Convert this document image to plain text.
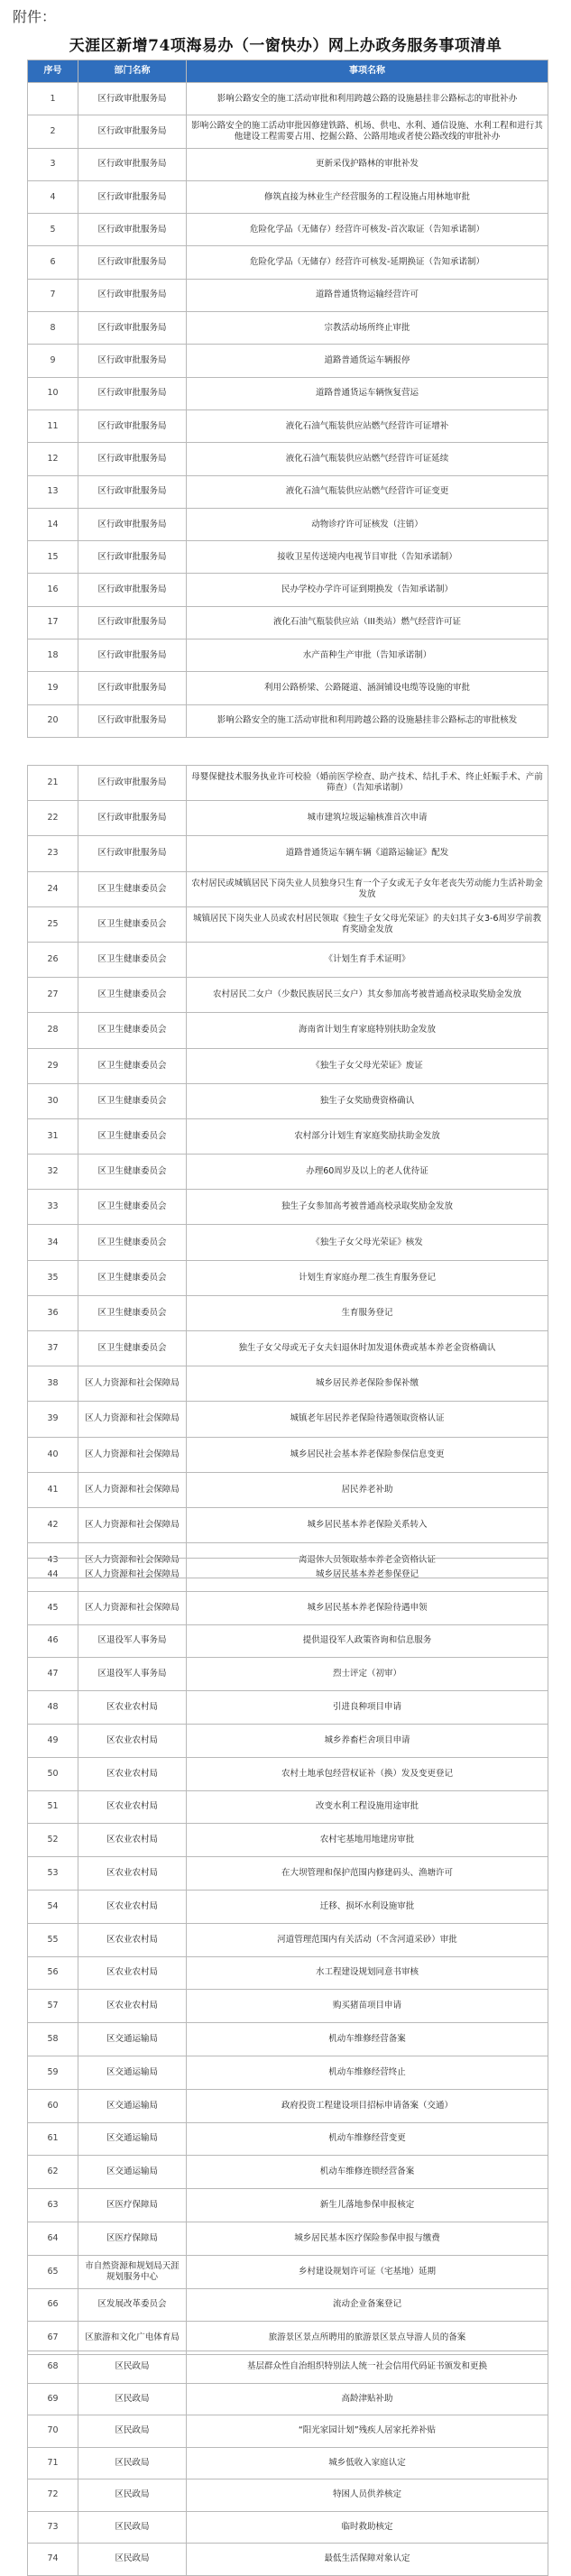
附件：
天涯区新增74项海易办（一窗快办）网上办政务服务事项清单
序号	部门名称	事项名称
1	区行政审批服务局	影响公路安全的施工活动审批和利用跨越公路的设施悬挂非公路标志的审批补办
2	区行政审批服务局	影响公路安全的施工活动审批因修建铁路、机场、供电、水利、通信设施、水利工程和进行其他建设工程需要占用、挖掘公路、公路用地或者使公路改线的审批补办
3	区行政审批服务局	更新采伐护路林的审批补发
4	区行政审批服务局	修筑直接为林业生产经营服务的工程设施占用林地审批
5	区行政审批服务局	危险化学品（无储存）经营许可核发-首次取证（告知承诺制）
6	区行政审批服务局	危险化学品（无储存）经营许可核发-延期换证（告知承诺制）
7	区行政审批服务局	道路普通货物运输经营许可
8	区行政审批服务局	宗教活动场所终止审批
9	区行政审批服务局	道路普通货运车辆报停
10	区行政审批服务局	道路普通货运车辆恢复营运
11	区行政审批服务局	液化石油气瓶装供应站燃气经营许可证增补
12	区行政审批服务局	液化石油气瓶装供应站燃气经营许可证延续
13	区行政审批服务局	液化石油气瓶装供应站燃气经营许可证变更
14	区行政审批服务局	动物诊疗许可证核发（注销）
15	区行政审批服务局	接收卫星传送境内电视节目审批（告知承诺制）
16	区行政审批服务局	民办学校办学许可证到期换发（告知承诺制）
17	区行政审批服务局	液化石油气瓶装供应站（III类站）燃气经营许可证
18	区行政审批服务局	水产苗种生产审批（告知承诺制）
19	区行政审批服务局	利用公路桥梁、公路隧道、涵洞铺设电缆等设施的审批
20	区行政审批服务局	影响公路安全的施工活动审批和利用跨越公路的设施悬挂非公路标志的审批核发
21	区行政审批服务局	母婴保健技术服务执业许可校验（婚前医学检查、助产技术、结扎手术、终止妊娠手术、产前筛查）（告知承诺制）
22	区行政审批服务局	城市建筑垃圾运输核准首次申请
23	区行政审批服务局	道路普通货运车辆车辆《道路运输证》配发
24	区卫生健康委员会	农村居民或城镇居民下岗失业人员独身只生育一个子女或无子女年老丧失劳动能力生活补助金发放
25	区卫生健康委员会	城镇居民下岗失业人员或农村居民领取《独生子女父母光荣证》的夫妇其子女3-6周岁学前教育奖励金发放
26	区卫生健康委员会	《计划生育手术证明》
27	区卫生健康委员会	农村居民二女户（少数民族居民三女户）其女参加高考被普通高校录取奖励金发放
28	区卫生健康委员会	海南省计划生育家庭特别扶助金发放
29	区卫生健康委员会	《独生子女父母光荣证》废证
30	区卫生健康委员会	独生子女奖励费资格确认
31	区卫生健康委员会	农村部分计划生育家庭奖励扶助金发放
32	区卫生健康委员会	办理60周岁及以上的老人优待证
33	区卫生健康委员会	独生子女参加高考被普通高校录取奖励金发放
34	区卫生健康委员会	《独生子女父母光荣证》核发
35	区卫生健康委员会	计划生育家庭办理二孩生育服务登记
36	区卫生健康委员会	生育服务登记
37	区卫生健康委员会	独生子女父母或无子女夫妇退休时加发退休费或基本养老金资格确认
38	区人力资源和社会保障局	城乡居民养老保险参保补缴
39	区人力资源和社会保障局	城镇老年居民养老保险待遇领取资格认证
40	区人力资源和社会保障局	城乡居民社会基本养老保险参保信息变更
41	区人力资源和社会保障局	居民养老补助
42	区人力资源和社会保障局	城乡居民基本养老保险关系转入
43	区人力资源和社会保障局	离退休人员领取基本养老金资格认证
44	区人力资源和社会保障局	城乡居民基本养老参保登记
45	区人力资源和社会保障局	城乡居民基本养老保险待遇申领
46	区退役军人事务局	提供退役军人政策咨询和信息服务
47	区退役军人事务局	烈士评定（初审）
48	区农业农村局	引进良种项目申请
49	区农业农村局	城乡养畜栏舍项目申请
50	区农业农村局	农村土地承包经营权证补（换）发及变更登记
51	区农业农村局	改变水利工程设施用途审批
52	区农业农村局	农村宅基地用地建房审批
53	区农业农村局	在大坝管理和保护范围内修建码头、渔塘许可
54	区农业农村局	迁移、损坏水利设施审批
55	区农业农村局	河道管理范围内有关活动（不含河道采砂）审批
56	区农业农村局	水工程建设规划同意书审核
57	区农业农村局	购买猪苗项目申请
58	区交通运输局	机动车维修经营备案
59	区交通运输局	机动车维修经营终止
60	区交通运输局	政府投资工程建设项目招标申请备案（交通）
61	区交通运输局	机动车维修经营变更
62	区交通运输局	机动车维修连锁经营备案
63	区医疗保障局	新生儿落地参保申报核定
64	区医疗保障局	城乡居民基本医疗保险参保申报与缴费
65	市自然资源和规划局天涯规划服务中心	乡村建设规划许可证（宅基地）延期
66	区发展改革委员会	流动企业备案登记
67	区旅游和文化广电体育局	旅游景区景点所聘用的旅游景区景点导游人员的备案
68	区民政局	基层群众性自治组织特别法人统一社会信用代码证书颁发和更换
69	区民政局	高龄津贴补助
70	区民政局	“阳光家园计划”残疾人居家托养补贴
71	区民政局	城乡低收入家庭认定
72	区民政局	特困人员供养核定
73	区民政局	临时救助核定
74	区民政局	最低生活保障对象认定
